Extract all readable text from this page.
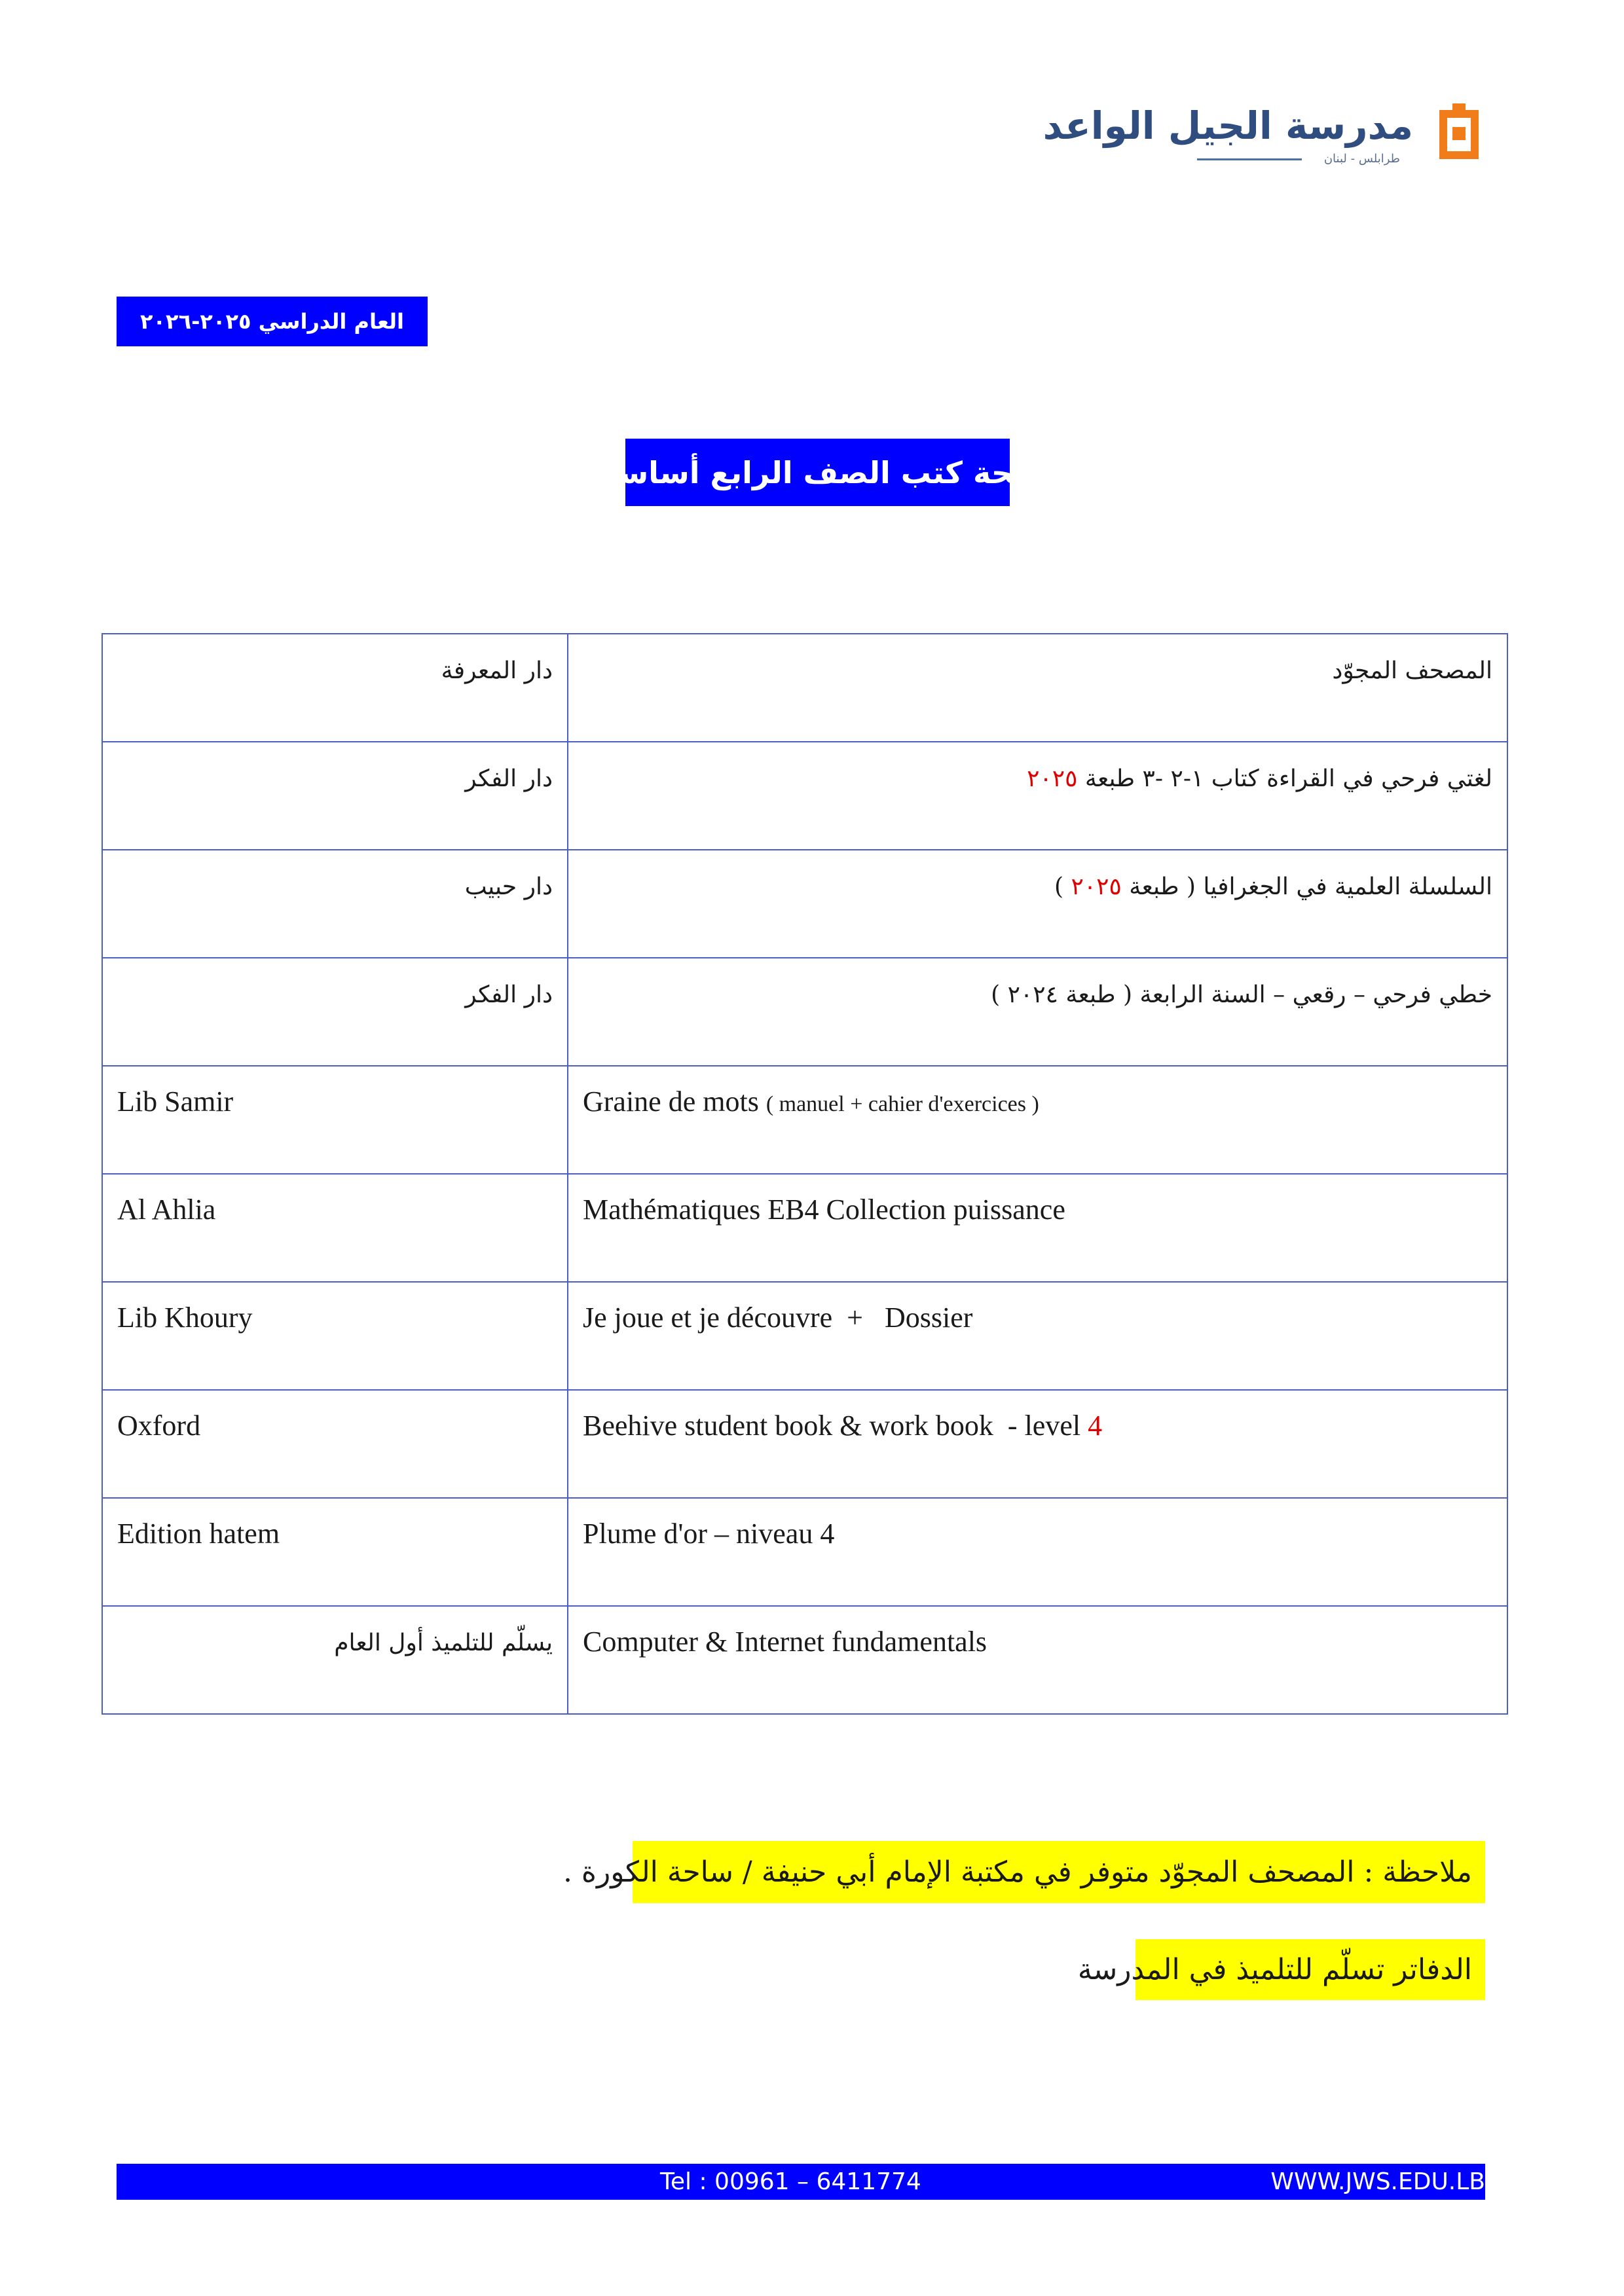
مدرسة الجيل الواعد
طرابلس - لبنان
العام الدراسي ٢٠٢٥-٢٠٢٦
لائحة كتب الصف الرابع أساسي
دار المعرفة	المصحف المجوّد
دار الفكر	لغتي فرحي في القراءة كتاب ١-٢ -٣ طبعة ٢٠٢٥
دار حبيب	السلسلة العلمية في الجغرافيا ( طبعة ٢٠٢٥ )
دار الفكر	خطي فرحي – رقعي – السنة الرابعة ( طبعة ٢٠٢٤ )
Lib Samir	Graine de mots ( manuel + cahier d'exercices )
Al Ahlia	Mathématiques EB4 Collection puissance
Lib Khoury	Je joue et je découvre  +   Dossier
Oxford	Beehive student book & work book  - level 4
Edition hatem	Plume d'or – niveau 4
يسلّم للتلميذ أول العام	Computer & Internet fundamentals
ملاحظة : المصحف المجوّد متوفر في مكتبة الإمام أبي حنيفة / ساحة الكورة .
الدفاتر تسلّم للتلميذ في المدرسة
Tel : 00961 – 6411774	WWW.JWS.EDU.LB
